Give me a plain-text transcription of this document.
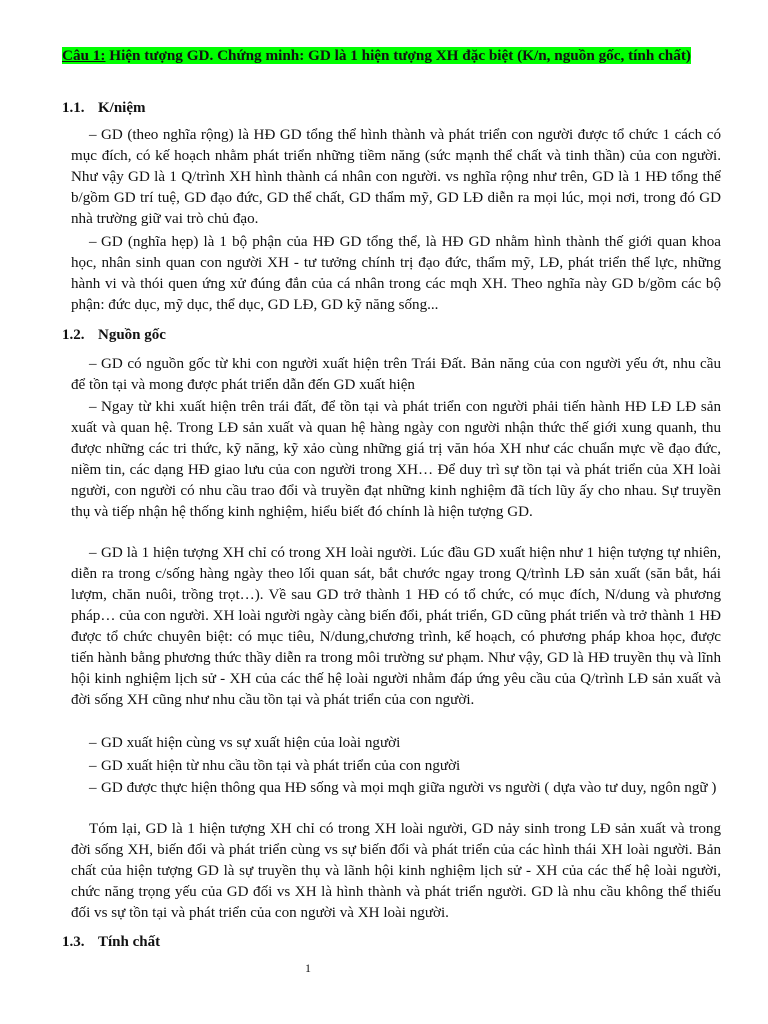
Câu 1: Hiện tượng GD. Chứng minh: GD là 1 hiện tượng XH đặc biệt (K/n, nguồn gốc, tính chất)
1.1. K/niệm
– GD (theo nghĩa rộng) là HĐ GD tổng thể hình thành và phát triển con người được tổ chức 1 cách có mục đích, có kế hoạch nhằm phát triển những tiềm năng (sức mạnh thể chất và tinh thần) của con người. Như vậy GD là 1 Q/trình XH hình thành cá nhân con người. vs nghĩa rộng như trên, GD là 1 HĐ tổng thể b/gồm GD trí tuệ, GD đạo đức, GD thể chất, GD thẩm mỹ, GD LĐ diễn ra mọi lúc, mọi nơi, trong đó GD nhà trường giữ vai trò chủ đạo.
– GD (nghĩa hẹp) là 1 bộ phận của HĐ GD tổng thể, là HĐ GD nhằm hình thành thế giới quan khoa học, nhân sinh quan con người XH - tư tưởng chính trị đạo đức, thẩm mỹ, LĐ, phát triển thể lực, những hành vi và thói quen ứng xử đúng đắn của cá nhân trong các mqh XH. Theo nghĩa này GD b/gồm các bộ phận: đức dục, mỹ dục, thể dục, GD LĐ, GD kỹ năng sống...
1.2. Nguồn gốc
– GD có nguồn gốc từ khi con người xuất hiện trên Trái Đất. Bản năng của con người yếu ớt, nhu cầu để tồn tại và mong được phát triển dẫn đến GD xuất hiện
– Ngay từ khi xuất hiện trên trái đất, để tồn tại và phát triển con người phải tiến hành HĐ LĐ LĐ sản xuất và quan hệ. Trong LĐ sản xuất và quan hệ hàng ngày con người nhận thức thế giới xung quanh, thu được những các tri thức, kỹ năng, kỹ xảo cùng những giá trị văn hóa XH như các chuẩn mực về đạo đức, niềm tin, các dạng HĐ giao lưu của con người trong XH… Để duy trì sự tồn tại và phát triển của XH loài người, con người có nhu cầu trao đổi và truyền đạt những kinh nghiệm đã tích lũy ấy cho nhau. Sự truyền thụ và tiếp nhận hệ thống kinh nghiệm, hiểu biết đó chính là hiện tượng GD.
– GD là 1 hiện tượng XH chỉ có trong XH loài người. Lúc đầu GD xuất hiện như 1 hiện tượng tự nhiên, diễn ra trong c/sống hàng ngày theo lối quan sát, bắt chước ngay trong Q/trình LĐ sản xuất (săn bắt, hái lượm, chăn nuôi, trồng trọt…). Về sau GD trở thành 1 HĐ có tổ chức, có mục đích, N/dung và phương pháp… của con người. XH loài người ngày càng biến đổi, phát triển, GD cũng phát triển và trở thành 1 HĐ được tổ chức chuyên biệt: có mục tiêu, N/dung,chương trình, kế hoạch, có phương pháp khoa học, được tiến hành bằng phương thức thầy diễn ra trong môi trường sư phạm. Như vậy, GD là HĐ truyền thụ và lĩnh hội kinh nghiệm lịch sử - XH của các thế hệ loài người nhằm đáp ứng yêu cầu của Q/trình LĐ sản xuất và đời sống XH cũng như nhu cầu tồn tại và phát triển của con người.
– GD xuất hiện cùng vs sự xuất hiện của loài người
– GD xuất hiện từ nhu cầu tồn tại và phát triển của con người
– GD được thực hiện thông qua HĐ sống và mọi mqh giữa người vs người ( dựa vào tư duy, ngôn ngữ )
Tóm lại, GD là 1 hiện tượng XH chỉ có trong XH loài người, GD nảy sinh trong LĐ sản xuất và trong đời sống XH, biến đổi và phát triển cùng vs sự biến đổi và phát triển của các hình thái XH loài người. Bản chất của hiện tượng GD là sự truyền thụ và lãnh hội kinh nghiệm lịch sử - XH của các thế hệ loài người, chức năng trọng yếu của GD đối vs XH là hình thành và phát triển người. GD là nhu cầu không thể thiếu đối vs sự tồn tại và phát triển của con người và XH loài người.
1.3. Tính chất
1
